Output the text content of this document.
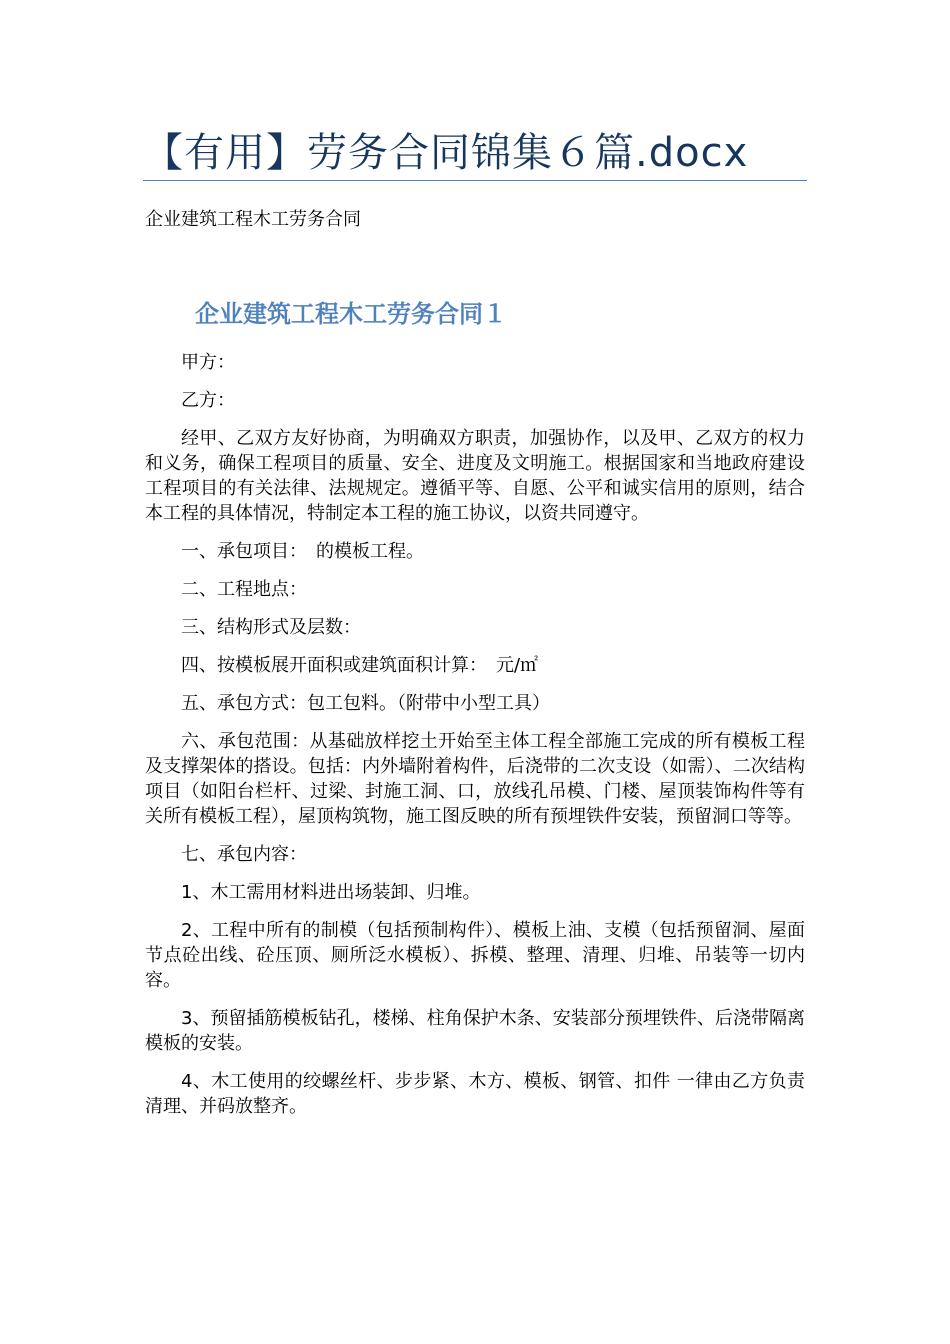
【有用】劳务合同锦集６篇.docx
企业建筑工程木工劳务合同
企业建筑工程木工劳务合同１

甲方：

乙方：

经甲、乙双方友好协商，为明确双方职责，加强协作，以及甲、乙双方的权力和义务，确保工程项目的质量、安全、进度及文明施工。根据国家和当地政府建设工程项目的有关法律、法规规定。遵循平等、自愿、公平和诚实信用的原则，结合本工程的具体情况，特制定本工程的施工协议，以资共同遵守。

一、承包项目：　的模板工程。

二、工程地点：

三、结构形式及层数：

四、按模板展开面积或建筑面积计算：　元/㎡

五、承包方式：包工包料。（附带中小型工具）

六、承包范围：从基础放样挖土开始至主体工程全部施工完成的所有模板工程及支撑架体的搭设。包括：内外墙附着构件，后浇带的二次支设（如需）、二次结构项目（如阳台栏杆、过梁、封施工洞、口，放线孔吊模、门楼、屋顶装饰构件等有关所有模板工程），屋顶构筑物，施工图反映的所有预埋铁件安装，预留洞口等等。

七、承包内容：

1、木工需用材料进出场装卸、归堆。

2、工程中所有的制模（包括预制构件）、模板上油、支模（包括预留洞、屋面节点砼出线、砼压顶、厕所泛水模板）、拆模、整理、清理、归堆、吊装等一切内容。

3、预留插筋模板钻孔，楼梯、柱角保护木条、安装部分预埋铁件、后浇带隔离模板的安装。

4、木工使用的绞螺丝杆、步步紧、木方、模板、钢管、扣件 一律由乙方负责清理、并码放整齐。
